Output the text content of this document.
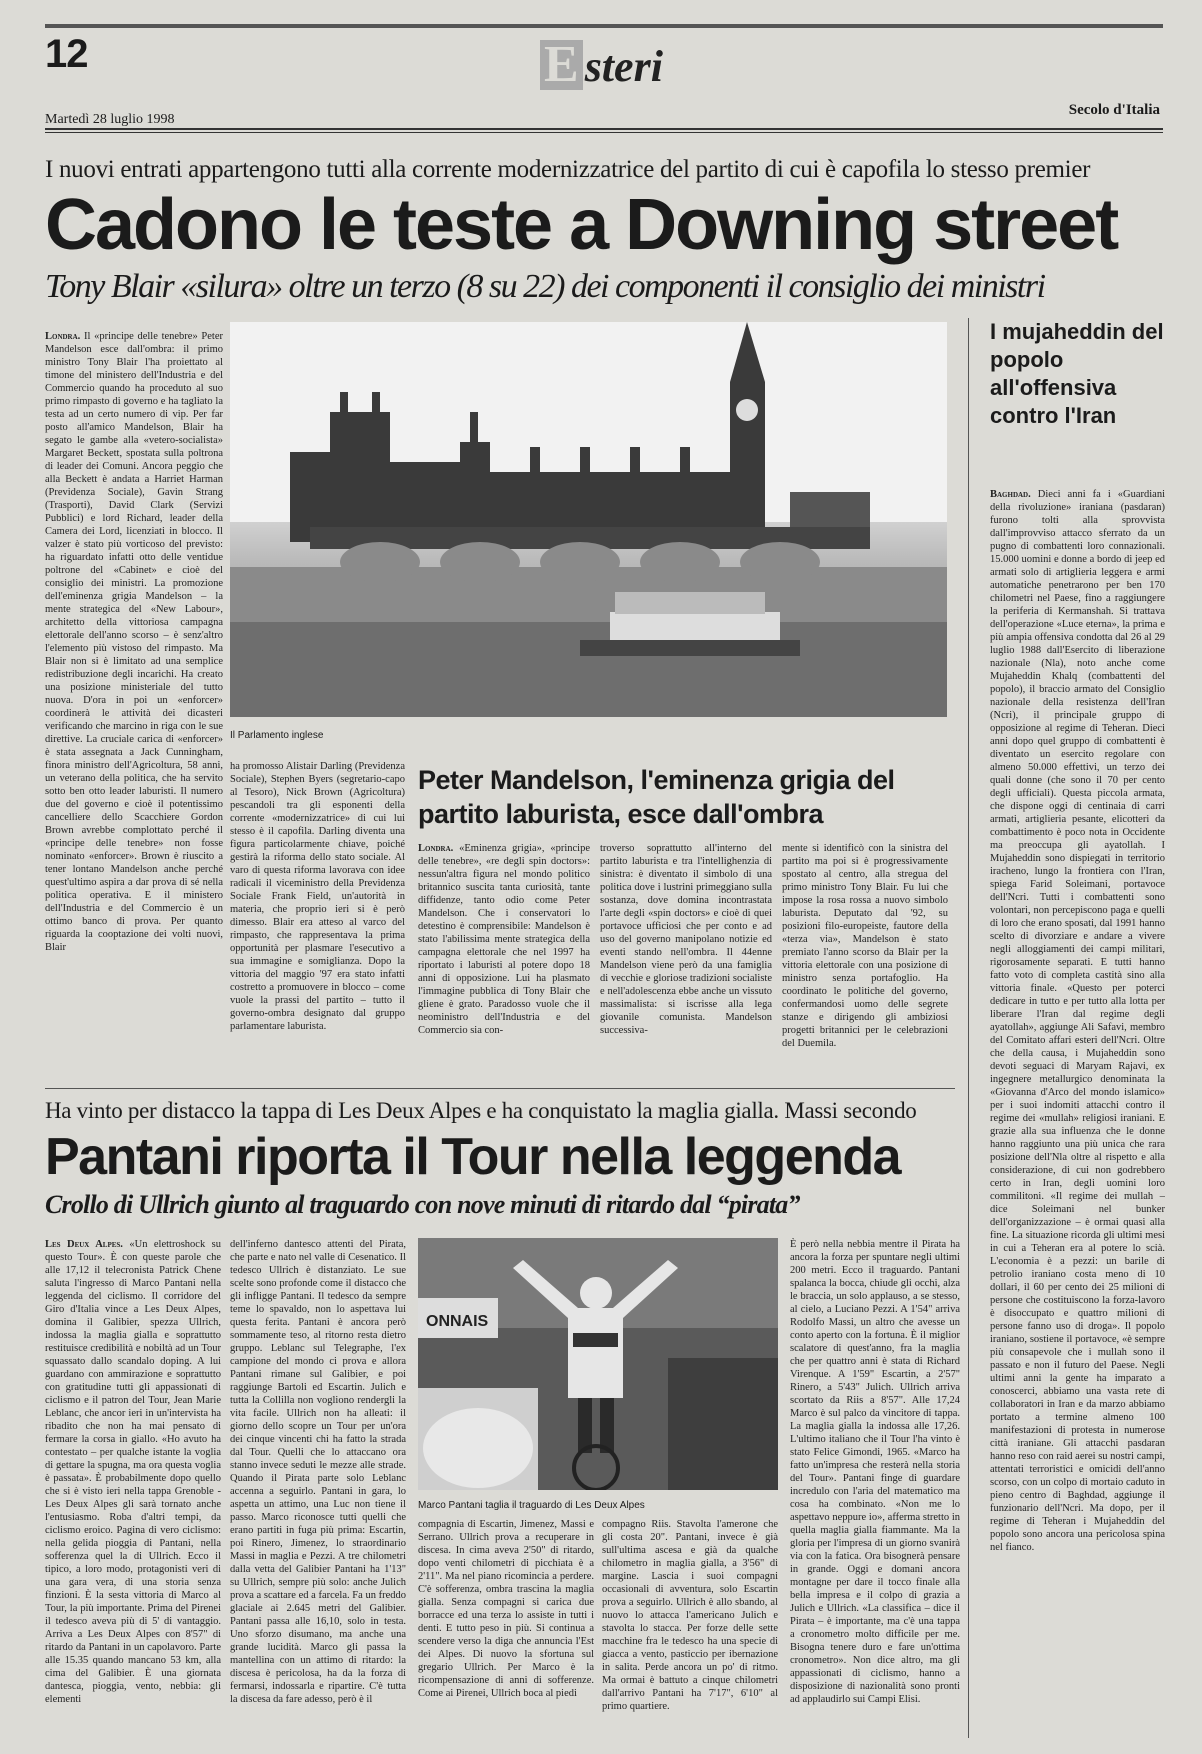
12	E steri
Martedì 28 luglio 1998
Secolo d'Italia
I nuovi entrati appartengono tutti alla corrente modernizzatrice del partito di cui è capofila lo stesso premier
Cadono le teste a Downing street
Tony Blair «silura» oltre un terzo (8 su 22) dei componenti il consiglio dei ministri
Londra. Il «principe delle tenebre» Peter Mandelson esce dall'ombra: il primo ministro Tony Blair l'ha proiettato al timone del ministero dell'Industria e del Commercio quando ha proceduto al suo primo rimpasto di governo e ha tagliato la testa ad un certo numero di vip. Per far posto all'amico Mandelson, Blair ha segato le gambe alla «vetero-socialista» Margaret Beckett, spostata sulla poltrona di leader dei Comuni. Ancora peggio che alla Beckett è andata a Harriet Harman (Previdenza Sociale), Gavin Strang (Trasporti), David Clark (Servizi Pubblici) e lord Richard, leader della Camera dei Lord, licenziati in blocco. Il valzer è stato più vorticoso del previsto: ha riguardato infatti otto delle ventidue poltrone del «Cabinet» e cioè del consiglio dei ministri. La promozione dell'eminenza grigia Mandelson – la mente strategica del «New Labour», architetto della vittoriosa campagna elettorale dell'anno scorso – è senz'altro l'elemento più vistoso del rimpasto. Ma Blair non si è limitato ad una semplice redistribuzione degli incarichi. Ha creato una posizione ministeriale del tutto nuova. D'ora in poi un «enforcer» coordinerà le attività dei dicasteri verificando che marcino in riga con le sue direttive. La cruciale carica di «enforcer» è stata assegnata a Jack Cunningham, finora ministro dell'Agricoltura, 58 anni, un veterano della politica, che ha servito sotto ben otto leader laburisti. Il numero due del governo e cioè il potentissimo cancelliere dello Scacchiere Gordon Brown avrebbe complottato perché il «principe delle tenebre» non fosse nominato «enforcer». Brown è riuscito a tener lontano Mandelson anche perché quest'ultimo aspira a dar prova di sé nella politica operativa. E il ministero dell'Industria e del Commercio è un ottimo banco di prova. Per quanto riguarda la cooptazione dei volti nuovi, Blair
Il Parlamento inglese
ha promosso Alistair Darling (Previdenza Sociale), Stephen Byers (segretario-capo al Tesoro), Nick Brown (Agricoltura) pescandoli tra gli esponenti della corrente «modernizzatrice» di cui lui stesso è il capofila. Darling diventa una figura particolarmente chiave, poiché gestirà la riforma dello stato sociale. Al varo di questa riforma lavorava con idee radicali il viceministro della Previdenza Sociale Frank Field, un'autorità in materia, che proprio ieri si è però dimesso. Blair era atteso al varco del rimpasto, che rappresentava la prima opportunità per plasmare l'esecutivo a sua immagine e somiglianza. Dopo la vittoria del maggio '97 era stato infatti costretto a promuovere in blocco – come vuole la prassi del partito – tutto il governo-ombra designato dal gruppo parlamentare laburista.
Peter Mandelson, l'eminenza grigia del partito laburista, esce dall'ombra
Londra. «Eminenza grigia», «principe delle tenebre», «re degli spin doctors»: nessun'altra figura nel mondo politico britannico suscita tanta curiosità, tante diffidenze, tanto odio come Peter Mandelson. Che i conservatori lo detestino è comprensibile: Mandelson è stato l'abilissima mente strategica della campagna elettorale che nel 1997 ha riportato i laburisti al potere dopo 18 anni di opposizione. Lui ha plasmato l'immagine pubblica di Tony Blair che gliene è grato. Paradosso vuole che il neoministro dell'Industria e del Commercio sia con-
troverso soprattutto all'interno del partito laburista e tra l'intellighenzia di sinistra: è diventato il simbolo di una politica dove i lustrini primeggiano sulla sostanza, dove domina incontrastata l'arte degli «spin doctors» e cioè di quei portavoce ufficiosi che per conto e ad uso del governo manipolano notizie ed eventi stando nell'ombra. Il 44enne Mandelson viene però da una famiglia di vecchie e gloriose tradizioni socialiste e nell'adolescenza ebbe anche un vissuto massimalista: si iscrisse alla lega giovanile comunista. Mandelson successiva-
mente si identificò con la sinistra del partito ma poi si è progressivamente spostato al centro, alla stregua del primo ministro Tony Blair. Fu lui che impose la rosa rossa a nuovo simbolo laburista. Deputato dal '92, su posizioni filo-europeiste, fautore della «terza via», Mandelson è stato premiato l'anno scorso da Blair per la vittoria elettorale con una posizione di ministro senza portafoglio. Ha coordinato le politiche del governo, confermandosi uomo delle segrete stanze e dirigendo gli ambiziosi progetti britannici per le celebrazioni del Duemila.
I mujaheddin del popolo all'offensiva contro l'Iran
Baghdad. Dieci anni fa i «Guardiani della rivoluzione» iraniana (pasdaran) furono tolti alla sprovvista dall'improvviso attacco sferrato da un pugno di combattenti loro connazionali. 15.000 uomini e donne a bordo di jeep ed armati solo di artiglieria leggera e armi automatiche penetrarono per ben 170 chilometri nel Paese, fino a raggiungere la periferia di Kermanshah. Si trattava dell'operazione «Luce eterna», la prima e più ampia offensiva condotta dal 26 al 29 luglio 1988 dall'Esercito di liberazione nazionale (Nla), noto anche come Mujaheddin Khalq (combattenti del popolo), il braccio armato del Consiglio nazionale della resistenza dell'Iran (Ncri), il principale gruppo di opposizione al regime di Teheran. Dieci anni dopo quel gruppo di combattenti è diventato un esercito regolare con almeno 50.000 effettivi, un terzo dei quali donne (che sono il 70 per cento degli ufficiali). Questa piccola armata, che dispone oggi di centinaia di carri armati, artiglieria pesante, elicotteri da combattimento è poco nota in Occidente ma preoccupa gli ayatollah. I Mujaheddin sono dispiegati in territorio iracheno, lungo la frontiera con l'Iran, spiega Farid Soleimani, portavoce dell'Ncri. Tutti i combattenti sono volontari, non percepiscono paga e quelli di loro che erano sposati, dal 1991 hanno scelto di divorziare e andare a vivere negli alloggiamenti dei campi militari, rigorosamente separati. E tutti hanno fatto voto di completa castità sino alla vittoria finale. «Questo per poterci dedicare in tutto e per tutto alla lotta per liberare l'Iran dal regime degli ayatollah», aggiunge Ali Safavi, membro del Comitato affari esteri dell'Ncri. Oltre che della causa, i Mujaheddin sono devoti seguaci di Maryam Rajavi, ex ingegnere metallurgico denominata la «Giovanna d'Arco del mondo islamico» per i suoi indomiti attacchi contro il regime dei «mullah» religiosi iraniani. E grazie alla sua influenza che le donne hanno raggiunto una più unica che rara posizione dell'Nla oltre al rispetto e alla considerazione, di cui non godrebbero certo in Iran, degli uomini loro commilitoni. «Il regime dei mullah – dice Soleimani nel bunker dell'organizzazione – è ormai quasi alla fine. La situazione ricorda gli ultimi mesi in cui a Teheran era al potere lo scià. L'economia è a pezzi: un barile di petrolio iraniano costa meno di 10 dollari, il 60 per cento dei 25 milioni di persone che costituiscono la forza-lavoro è disoccupato e quattro milioni di persone fanno uso di droga». Il popolo iraniano, sostiene il portavoce, «è sempre più consapevole che i mullah sono il passato e non il futuro del Paese. Negli ultimi anni la gente ha imparato a conoscerci, abbiamo una vasta rete di collaboratori in Iran e da marzo abbiamo portato a termine almeno 100 manifestazioni di protesta in numerose città iraniane. Gli attacchi pasdaran hanno reso con raid aerei su nostri campi, attentati terroristici e omicidi dell'anno scorso, con un colpo di mortaio caduto in pieno centro di Baghdad, aggiunge il funzionario dell'Ncri. Ma dopo, per il regime di Teheran i Mujaheddin del popolo sono ancora una pericolosa spina nel fianco.
Ha vinto per distacco la tappa di Les Deux Alpes e ha conquistato la maglia gialla. Massi secondo
Pantani riporta il Tour nella leggenda
Crollo di Ullrich giunto al traguardo con nove minuti di ritardo dal “pirata”
Les Deux Alpes. «Un elettroshock su questo Tour». È con queste parole che alle 17,12 il telecronista Patrick Chene saluta l'ingresso di Marco Pantani nella leggenda del ciclismo. Il corridore del Giro d'Italia vince a Les Deux Alpes, domina il Galibier, spezza Ullrich, indossa la maglia gialla e soprattutto restituisce credibilità e nobiltà ad un Tour squassato dallo scandalo doping. A lui guardano con ammirazione e soprattutto con gratitudine tutti gli appassionati di ciclismo e il patron del Tour, Jean Marie Leblanc, che ancor ieri in un'intervista ha ribadito che non ha mai pensato di fermare la corsa in giallo. «Ho avuto ha contestato – per qualche istante la voglia di gettare la spugna, ma ora questa voglia è passata». È probabilmente dopo quello che si è visto ieri nella tappa Grenoble - Les Deux Alpes gli sarà tornato anche l'entusiasmo. Roba d'altri tempi, da ciclismo eroico. Pagina di vero ciclismo: nella gelida pioggia di Pantani, nella sofferenza quel la di Ullrich. Ecco il tipico, a loro modo, protagonisti veri di una gara vera, di una storia senza finzioni. È la sesta vittoria di Marco al Tour, la più importante. Prima del Pirenei il tedesco aveva più di 5' di vantaggio. Arriva a Les Deux Alpes con 8'57" di ritardo da Pantani in un capolavoro. Parte alle 15.35 quando mancano 53 km, alla cima del Galibier. È una giornata dantesca, pioggia, vento, nebbia: gli elementi
dell'inferno dantesco attenti del Pirata, che parte e nato nel valle di Cesenatico. Il tedesco Ullrich è distanziato. Le sue scelte sono profonde come il distacco che gli infligge Pantani. Il tedesco da sempre teme lo spavaldo, non lo aspettava lui questa ferita. Pantani è ancora però sommamente teso, al ritorno resta dietro gruppo. Leblanc sul Telegraphe, l'ex campione del mondo ci prova e allora Pantani rimane sul Galibier, e poi raggiunge Bartoli ed Escartin. Julich e tutta la Collilla non vogliono rendergli la vita facile. Ullrich non ha alleati: il giorno dello scopre un Tour per un'ora dei cinque vincenti chi ha fatto la strada dal Tour. Quelli che lo attaccano ora stanno invece seduti le mezze alle strade. Quando il Pirata parte solo Leblanc accenna a seguirlo. Pantani in gara, lo aspetta un attimo, una Luc non tiene il passo. Marco riconosce tutti quelli che erano partiti in fuga più prima: Escartin, poi Rinero, Jimenez, lo straordinario Massi in maglia e Pezzi. A tre chilometri dalla vetta del Galibier Pantani ha 1'13" su Ullrich, sempre più solo: anche Julich prova a scattare ed a farcela. Fa un freddo glaciale ai 2.645 metri del Galibier. Pantani passa alle 16,10, solo in testa. Uno sforzo disumano, ma anche una grande lucidità. Marco gli passa la mantellina con un attimo di ritardo: la discesa è pericolosa, ha da la forza di fermarsi, indossarla e ripartire. C'è tutta la discesa da fare adesso, però è il
ONNAIS
Marco Pantani taglia il traguardo di Les Deux Alpes
compagnia di Escartin, Jimenez, Massi e Serrano. Ullrich prova a recuperare in discesa. In cima aveva 2'50" di ritardo, dopo venti chilometri di picchiata è a 2'11". Ma nel piano ricomincia a perdere. C'è sofferenza, ombra trascina la maglia gialla. Senza compagni si carica due borracce ed una terza lo assiste in tutti i denti. E tutto peso in più. Si continua a scendere verso la diga che annuncia l'Est dei Alpes. Di nuovo la sfortuna sul gregario Ullrich. Per Marco è la ricompensazione di anni di sofferenze. Come ai Pirenei, Ullrich boca al piedi
compagno Riis. Stavolta l'amerone che gli costa 20". Pantani, invece è già sull'ultima ascesa e già da qualche chilometro in maglia gialla, a 3'56" di margine. Lascia i suoi compagni occasionali di avventura, solo Escartin prova a seguirlo. Ullrich è allo sbando, al nuovo lo attacca l'americano Julich e stavolta lo stacca. Per forze delle sette macchine fra le tedesco ha una specie di giacca a vento, pasticcio per ibernazione in salita. Perde ancora un po' di ritmo. Ma ormai è battuto a cinque chilometri dall'arrivo Pantani ha 7'17", 6'10" al primo quartiere.
È però nella nebbia mentre il Pirata ha ancora la forza per spuntare negli ultimi 200 metri. Ecco il traguardo. Pantani spalanca la bocca, chiude gli occhi, alza le braccia, un solo applauso, a se stesso, al cielo, a Luciano Pezzi. A 1'54" arriva Rodolfo Massi, un altro che avesse un conto aperto con la fortuna. È il miglior scalatore di quest'anno, fra la maglia che per quattro anni è stata di Richard Virenque. A 1'59" Escartin, a 2'57" Rinero, a 5'43" Julich. Ullrich arriva scortato da Riis a 8'57". Alle 17,24 Marco è sul palco da vincitore di tappa. La maglia gialla la indossa alle 17,26. L'ultimo italiano che il Tour l'ha vinto è stato Felice Gimondi, 1965. «Marco ha fatto un'impresa che resterà nella storia del Tour». Pantani finge di guardare incredulo con l'aria del matematico ma cosa ha combinato. «Non me lo aspettavo neppure io», afferma stretto in quella maglia gialla fiammante. Ma la gloria per l'impresa di un giorno svanirà via con la fatica. Ora bisognerà pensare in grande. Oggi e domani ancora montagne per dare il tocco finale alla bella impresa e il colpo di grazia a Julich e Ullrich. «La classifica – dice il Pirata – è importante, ma c'è una tappa a cronometro molto difficile per me. Bisogna tenere duro e fare un'ottima cronometro». Non dice altro, ma gli appassionati di ciclismo, hanno a disposizione di nazionalità sono pronti ad applaudirlo sui Campi Elisi.
